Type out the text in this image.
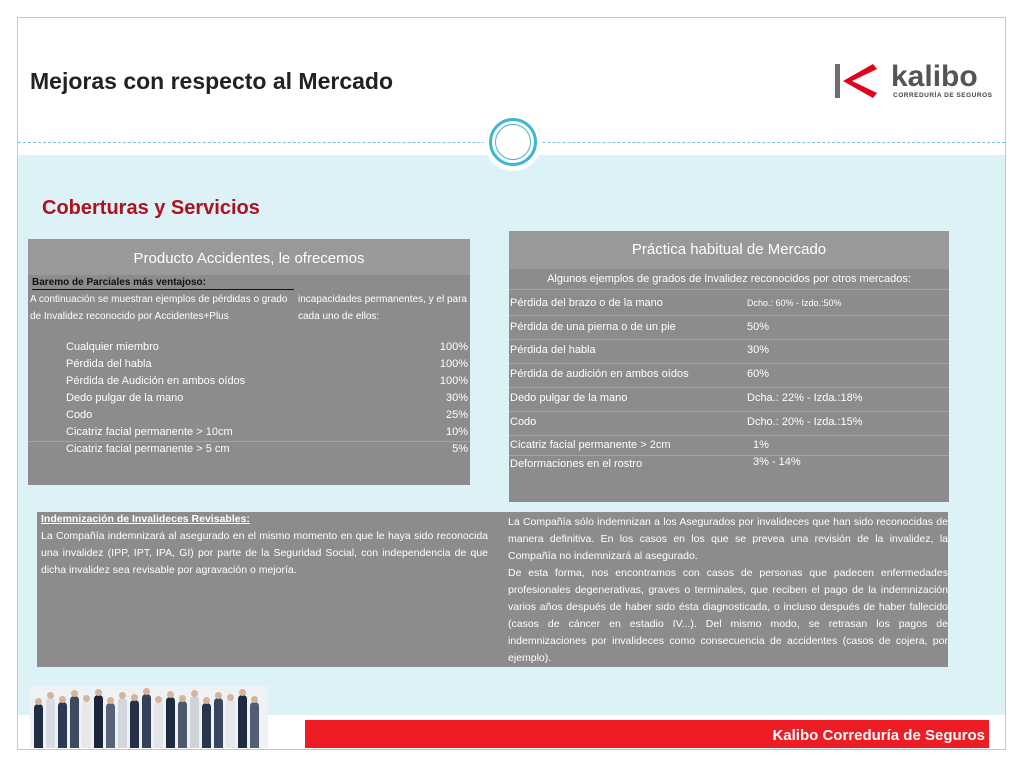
Mejoras con respecto al Mercado	kalibo
CORREDURÍA DE SEGUROS
Coberturas y Servicios
Producto Accidentes, le ofrecemos
Baremo de Parciales más ventajoso:
A continuación se muestran ejemplos de pérdidas o grado de Invalidez reconocido por Accidentes+Plus
incapacidades permanentes, y el para cada uno de ellos:
Cualquier miembro	100%
Pérdida del habla	100%
Pérdida de Audición en ambos oídos	100%
Dedo pulgar de la mano	30%
Codo	25%
Cicatriz facial permanente > 10cm	10%
Cicatriz facial permanente > 5 cm	5%
Práctica habitual de Mercado
Algunos ejemplos de grados de Invalidez reconocidos por otros mercados:
Pérdida del brazo o de la mano	Dcho.: 60% - Izdo.:50%
Pérdida de una pierna o de un pie	50%
Pérdida del habla	30%
Pérdida de audición en ambos oídos	60%
Dedo pulgar de la mano	Dcha.: 22% - Izda.:18%
Codo	Dcho.: 20% - Izda.:15%
Cicatriz facial permanente > 2cm	1%
Deformaciones en el rostro	3% - 14%
Indemnización de Invalideces Revisables:
La Compañía indemnizará al asegurado en el mismo momento en que le haya sido reconocida una invalidez (IPP, IPT, IPA, GI) por parte de la Seguridad Social, con independencia de que dicha invalidez sea revisable por agravación o mejoría.
La Compañía sólo indemnizan a los Asegurados por invalideces que han sido reconocidas de manera definitiva. En los casos en los que se prevea una revisión de la invalidez, la Compañía no indemnizará al asegurado.
De esta forma, nos encontramos con casos de personas que padecen enfermedades profesionales degenerativas, graves o terminales, que reciben el pago de la indemnización varios años después de haber sido ésta diagnosticada, o incluso después de haber fallecido (casos de cáncer en estadio IV...). Del mismo modo, se retrasan los pagos de indemnizaciones por invalideces como consecuencia de accidentes (casos de cojera, por ejemplo).
Kalibo Correduría de Seguros
